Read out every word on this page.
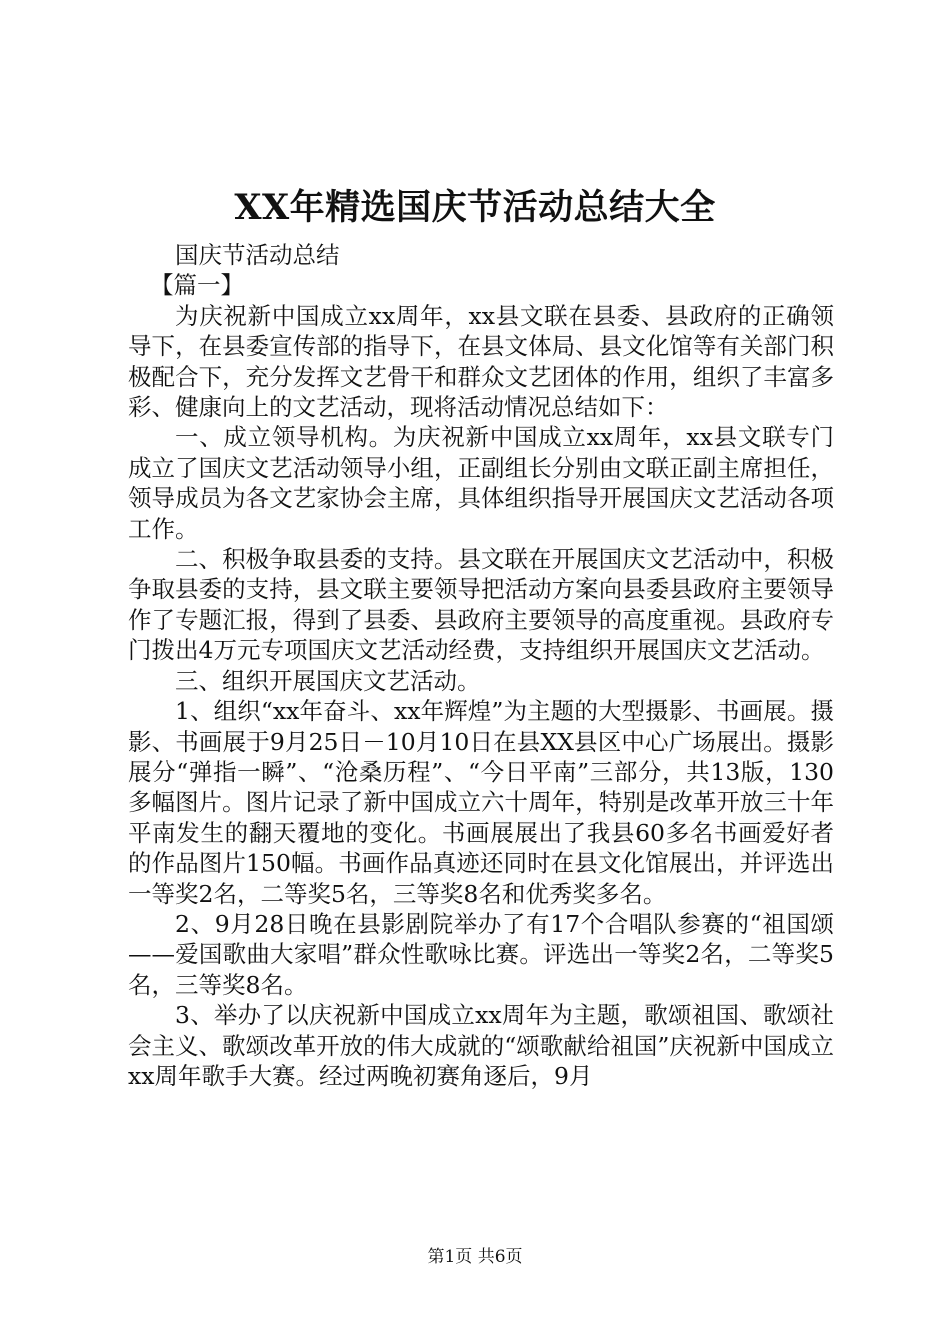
XX年精选国庆节活动总结大全

国庆节活动总结

【篇一】

为庆祝新中国成立xx周年，xx县文联在县委、县政府的正确领导下，在县委宣传部的指导下，在县文体局、县文化馆等有关部门积极配合下，充分发挥文艺骨干和群众文艺团体的作用，组织了丰富多彩、健康向上的文艺活动，现将活动情况总结如下：

一、成立领导机构。为庆祝新中国成立xx周年，xx县文联专门成立了国庆文艺活动领导小组，正副组长分别由文联正副主席担任，领导成员为各文艺家协会主席，具体组织指导开展国庆文艺活动各项工作。

二、积极争取县委的支持。县文联在开展国庆文艺活动中，积极争取县委的支持，县文联主要领导把活动方案向县委县政府主要领导作了专题汇报，得到了县委、县政府主要领导的高度重视。县政府专门拨出4万元专项国庆文艺活动经费，支持组织开展国庆文艺活动。

三、组织开展国庆文艺活动。

1、组织“xx年奋斗、xx年辉煌”为主题的大型摄影、书画展。摄影、书画展于9月25日－10月10日在县XX县区中心广场展出。摄影展分“弹指一瞬”、“沧桑历程”、“今日平南”三部分，共13版，130多幅图片。图片记录了新中国成立六十周年，特别是改革开放三十年平南发生的翻天覆地的变化。书画展展出了我县60多名书画爱好者的作品图片150幅。书画作品真迹还同时在县文化馆展出，并评选出一等奖2名，二等奖5名，三等奖8名和优秀奖多名。

2、9月28日晚在县影剧院举办了有17个合唱队参赛的“祖国颂——爱国歌曲大家唱”群众性歌咏比赛。评选出一等奖2名，二等奖5名，三等奖8名。

3、举办了以庆祝新中国成立xx周年为主题，歌颂祖国、歌颂社会主义、歌颂改革开放的伟大成就的“颂歌献给祖国”庆祝新中国成立xx周年歌手大赛。经过两晚初赛角逐后，9月

第1页 共6页
